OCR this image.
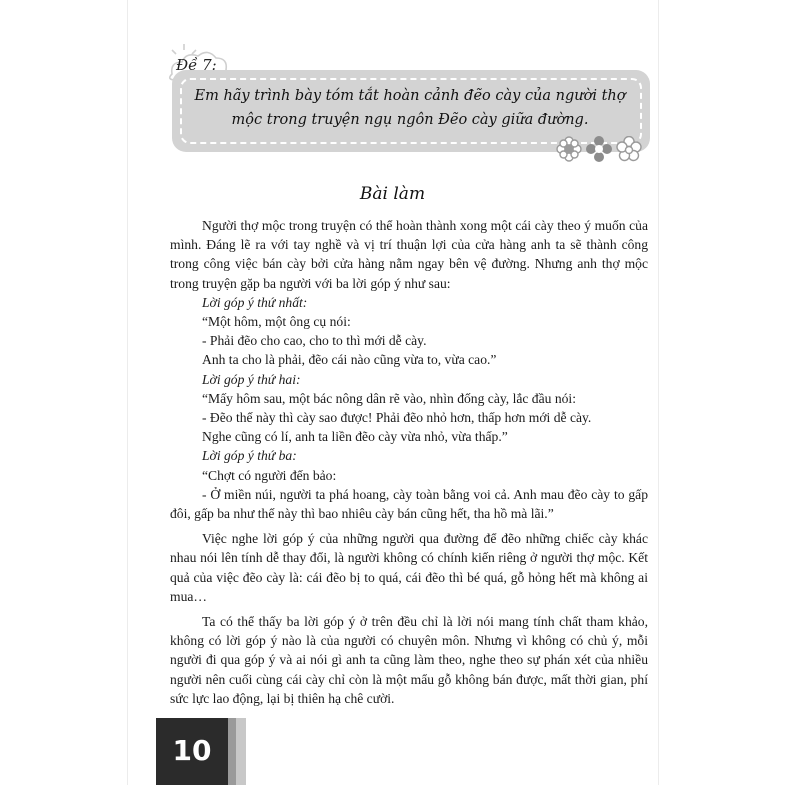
Đề 7:
Em hãy trình bày tóm tắt hoàn cảnh đẽo cày của người thợ mộc trong truyện ngụ ngôn Đẽo cày giữa đường.
Bài làm

Người thợ mộc trong truyện có thể hoàn thành xong một cái cày theo ý muốn của mình. Đáng lẽ ra với tay nghề và vị trí thuận lợi của cửa hàng anh ta sẽ thành công trong công việc bán cày bởi cửa hàng nằm ngay bên vệ đường. Nhưng anh thợ mộc trong truyện gặp ba người với ba lời góp ý như sau:

Lời góp ý thứ nhất:

“Một hôm, một ông cụ nói:

- Phải đẽo cho cao, cho to thì mới dễ cày.

Anh ta cho là phải, đẽo cái nào cũng vừa to, vừa cao.”

Lời góp ý thứ hai:

“Mấy hôm sau, một bác nông dân rẽ vào, nhìn đống cày, lắc đầu nói:

- Đẽo thế này thì cày sao được! Phải đẽo nhỏ hơn, thấp hơn mới dễ cày.

Nghe cũng có lí, anh ta liền đẽo cày vừa nhỏ, vừa thấp.”

Lời góp ý thứ ba:

“Chợt có người đến bảo:

- Ở miền núi, người ta phá hoang, cày toàn bằng voi cả. Anh mau đẽo cày to gấp đôi, gấp ba như thế này thì bao nhiêu cày bán cũng hết, tha hồ mà lãi.”

Việc nghe lời góp ý của những người qua đường để đẽo những chiếc cày khác nhau nói lên tính dễ thay đổi, là người không có chính kiến riêng ở người thợ mộc. Kết quả của việc đẽo cày là: cái đẽo bị to quá, cái đẽo thì bé quá, gỗ hỏng hết mà không ai mua…

Ta có thể thấy ba lời góp ý ở trên đều chỉ là lời nói mang tính chất tham khảo, không có lời góp ý nào là của người có chuyên môn. Nhưng vì không có chủ ý, mỗi người đi qua góp ý và ai nói gì anh ta cũng làm theo, nghe theo sự phán xét của nhiều người nên cuối cùng cái cày chỉ còn là một mẩu gỗ không bán được, mất thời gian, phí sức lực lao động, lại bị thiên hạ chê cười.

10
